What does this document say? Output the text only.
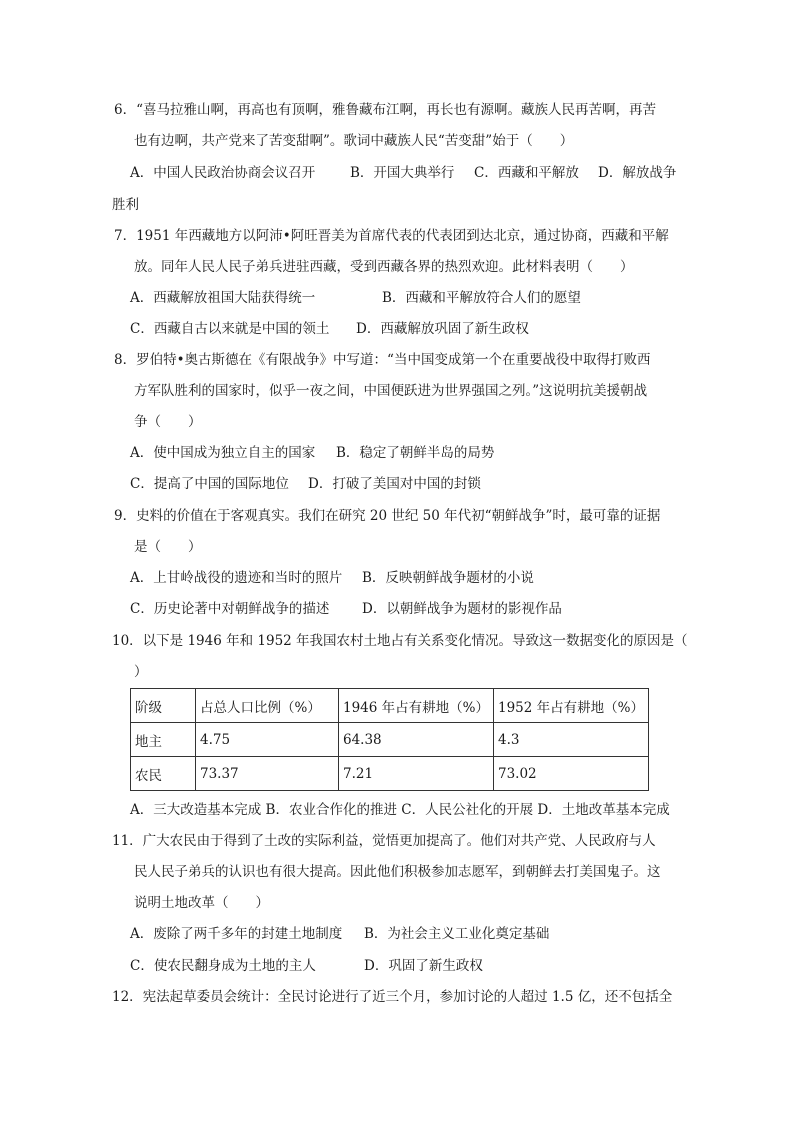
6．“喜马拉雅山啊，再高也有顶啊，雅鲁藏布江啊，再长也有源啊。藏族人民再苦啊，再苦
也有边啊，共产党来了苦变甜啊”。歌词中藏族人民“苦变甜”始于（　　）
A．中国人民政治协商会议召开	B．开国大典举行 C．西藏和平解放 D．解放战争
胜利
7．1951 年西藏地方以阿沛•阿旺晋美为首席代表的代表团到达北京，通过协商，西藏和平解
放。同年人民人民子弟兵进驻西藏，受到西藏各界的热烈欢迎。此材料表明（　　）
A．西藏解放祖国大陆获得统一	B．西藏和平解放符合人们的愿望
C．西藏自古以来就是中国的领土 D．西藏解放巩固了新生政权
8．罗伯特•奥古斯德在《有限战争》中写道：“当中国变成第一个在重要战役中取得打败西
方军队胜利的国家时，似乎一夜之间，中国便跃进为世界强国之列。”这说明抗美援朝战
争（　　）
A．使中国成为独立自主的国家 B．稳定了朝鲜半岛的局势
C．提高了中国的国际地位 D．打破了美国对中国的封锁
9．史料的价值在于客观真实。我们在研究 20 世纪 50 年代初“朝鲜战争”时，最可靠的证据
是（　　）
A．上甘岭战役的遗迹和当时的照片 B．反映朝鲜战争题材的小说
C．历史论著中对朝鲜战争的描述 D．以朝鲜战争为题材的影视作品
10．以下是 1946 年和 1952 年我国农村土地占有关系变化情况。导致这一数据变化的原因是（
）
阶级	占总人口比例（%）	1946 年占有耕地（%）	1952 年占有耕地（%）
地主	4.75	64.38	4.3
农民	73.37	7.21	73.02
A．三大改造基本完成 B．农业合作化的推进 C．人民公社化的开展 D．土地改革基本完成
11．广大农民由于得到了土改的实际利益，觉悟更加提高了。他们对共产党、人民政府与人
民人民子弟兵的认识也有很大提高。因此他们积极参加志愿军，到朝鲜去打美国鬼子。这
说明土地改革（　　）
A．废除了两千多年的封建土地制度 B．为社会主义工业化奠定基础
C．使农民翻身成为土地的主人	D．巩固了新生政权
12．宪法起草委员会统计：全民讨论进行了近三个月，参加讨论的人超过 1.5 亿，还不包括全
